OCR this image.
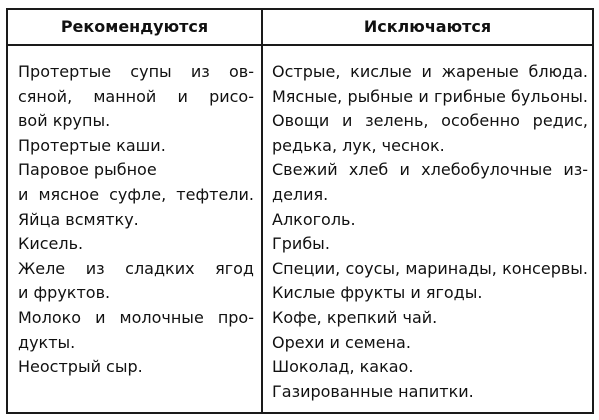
Рекомендуются	Исключаются
Протертые супы из ов-
сяной, манной и рисо-
вой крупы.
Протертые каши.
Паровое рыбное
и мясное суфле, тефтели.
Яйца всмятку.
Кисель.
Желе из сладких ягод
и фруктов.
Молоко и молочные про-
дукты.
Неострый сыр.
Острые, кислые и жареные блюда.
Мясные, рыбные и грибные бульоны.
Овощи и зелень, особенно редис,
редька, лук, чеснок.
Свежий хлеб и хлебобулочные из-
делия.
Алкоголь.
Грибы.
Специи, соусы, маринады, консервы.
Кислые фрукты и ягоды.
Кофе, крепкий чай.
Орехи и семена.
Шоколад, какао.
Газированные напитки.
